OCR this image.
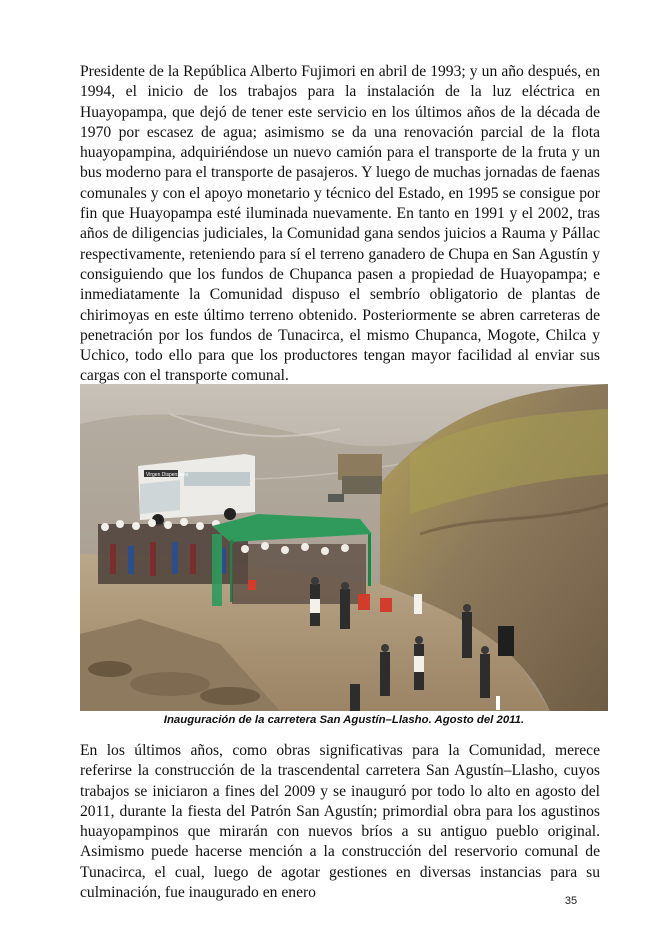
Presidente de la República Alberto Fujimori en abril de 1993; y un año después, en 1994, el inicio de los trabajos para la instalación de la luz eléctrica en Huayopampa, que dejó de tener este servicio en los últimos años de la década de 1970 por escasez de agua; asimismo se da una renovación parcial de la flota huayopampina, adquiriéndose un nuevo camión para el transporte de la fruta y un bus moderno para el transporte de pasajeros. Y luego de muchas jornadas de faenas comunales y con el apoyo monetario y técnico del Estado, en 1995 se consigue por fin que Huayopampa esté iluminada nuevamente. En tanto en 1991 y el 2002, tras años de diligencias judiciales, la Comunidad gana sendos juicios a Rauma y Pállac respectivamente, reteniendo para sí el terreno ganadero de Chupa en San Agustín y consiguiendo que los fundos de Chupanca pasen a propiedad de Huayopampa; e inmediatamente la Comunidad dispuso el sembrío obligatorio de plantas de chirimoyas en este último terreno obtenido. Posteriormente se abren carreteras de penetración por los fundos de Tunacirca, el mismo Chupanca, Mogote, Chilca y Uchico, todo ello para que los productores tengan mayor facilidad al enviar sus cargas con el transporte comunal.

Virgen Dispensario
Inauguración de la carretera San Agustín–Llasho. Agosto del 2011.

En los últimos años, como obras significativas para la Comunidad, merece referirse la construcción de la trascendental carretera San Agustín–Llasho, cuyos trabajos se iniciaron a fines del 2009 y se inauguró por todo lo alto en agosto del 2011, durante la fiesta del Patrón San Agustín; primordial obra para los agustinos huayopampinos que mirarán con nuevos bríos a su antiguo pueblo original. Asimismo puede hacerse mención a la construcción del reservorio comunal de Tunacirca, el cual, luego de agotar gestiones en diversas instancias para su culminación, fue inaugurado en enero	35
